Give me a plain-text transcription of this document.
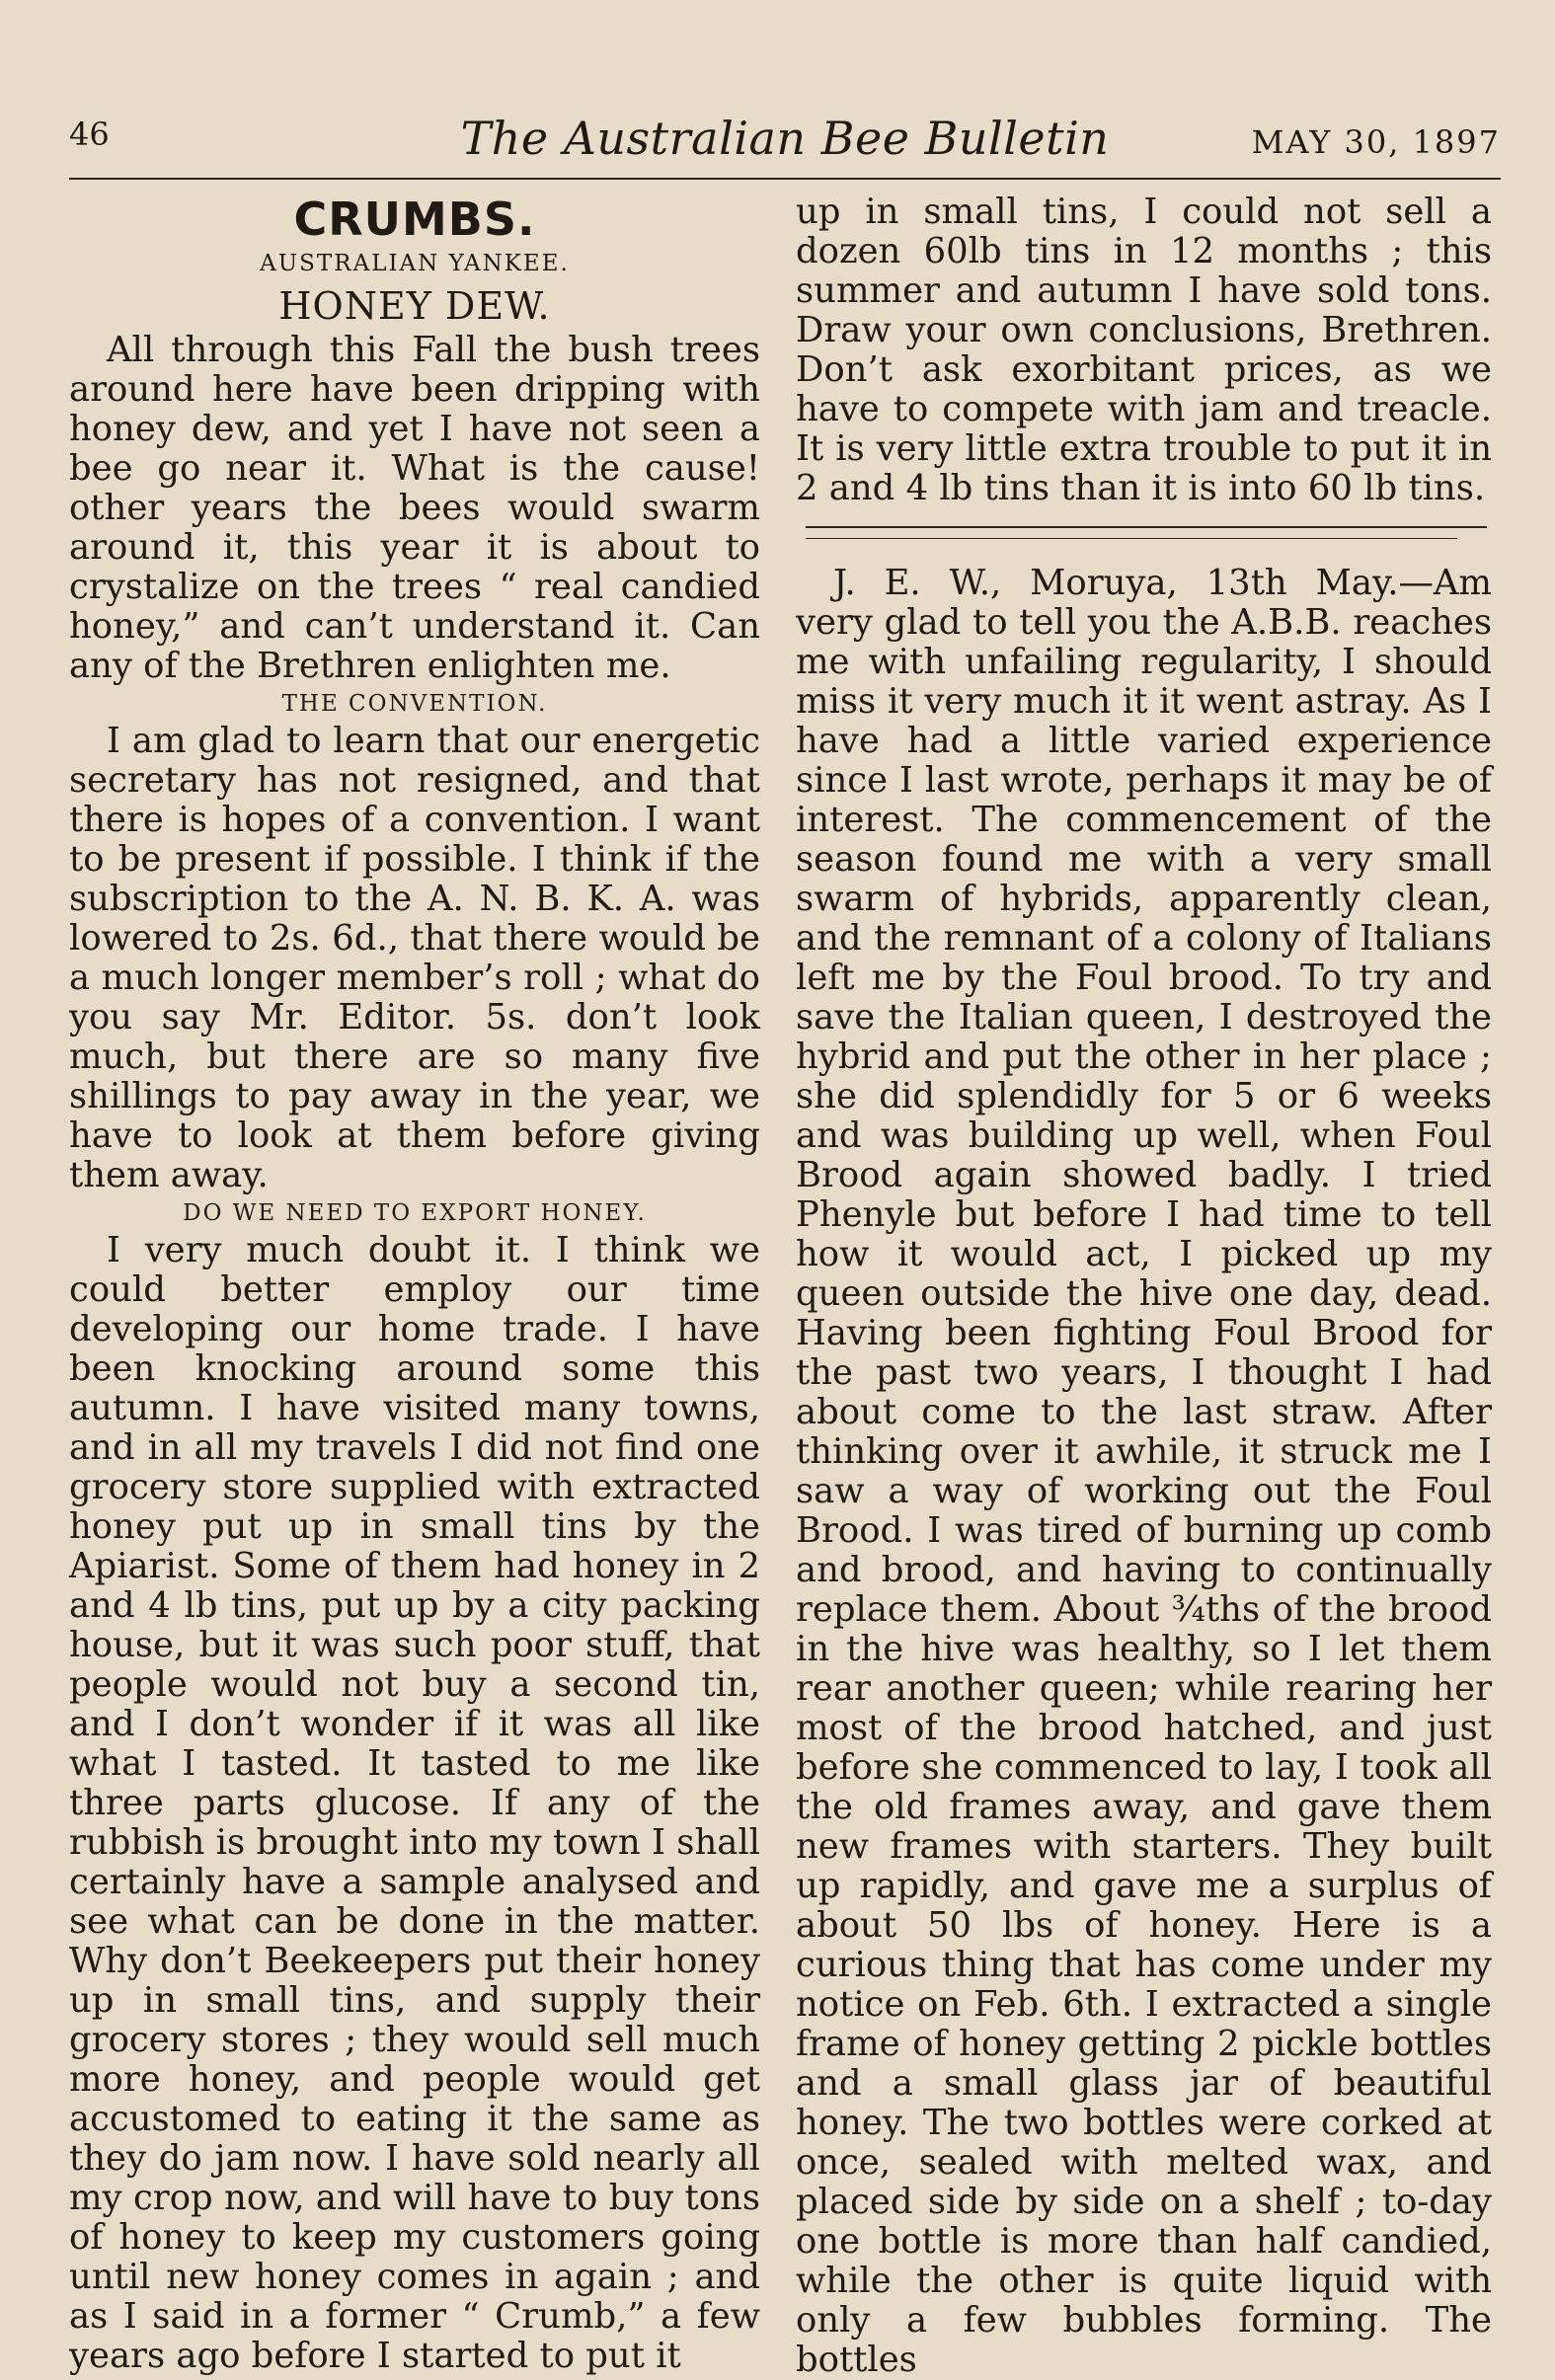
46	The Australian Bee Bulletin	MAY 30, 1897

CRUMBS.

AUSTRALIAN YANKEE.

HONEY DEW.

All through this Fall the bush trees around here have been dripping with honey dew, and yet I have not seen a bee go near it. What is the cause! other years the bees would swarm around it, this year it is about to crystalize on the trees “ real candied honey,” and can’t understand it. Can any of the Brethren enlighten me.

THE CONVENTION.

I am glad to learn that our energetic secretary has not resigned, and that there is hopes of a convention. I want to be present if possible. I think if the subscription to the A. N. B. K. A. was lowered to 2s. 6d., that there would be a much longer member’s roll ; what do you say Mr. Editor. 5s. don’t look much, but there are so many five shillings to pay away in the year, we have to look at them before giving them away.

DO WE NEED TO EXPORT HONEY.

I very much doubt it. I think we could better employ our time developing our home trade. I have been knocking around some this autumn. I have visited many towns, and in all my travels I did not find one grocery store supplied with extracted honey put up in small tins by the Apiarist. Some of them had honey in 2 and 4 lb tins, put up by a city packing house, but it was such poor stuff, that people would not buy a second tin, and I don’t wonder if it was all like what I tasted. It tasted to me like three parts glucose. If any of the rubbish is brought into my town I shall certainly have a sample analysed and see what can be done in the matter. Why don’t Beekeepers put their honey up in small tins, and supply their grocery stores ; they would sell much more honey, and people would get accustomed to eating it the same as they do jam now. I have sold nearly all my crop now, and will have to buy tons of honey to keep my customers going until new honey comes in again ; and as I said in a former “ Crumb,” a few years ago before I started to put it

up in small tins, I could not sell a dozen 60lb tins in 12 months ; this summer and autumn I have sold tons. Draw your own conclusions, Brethren. Don’t ask exorbitant prices, as we have to compete with jam and treacle. It is very little extra trouble to put it in 2 and 4 lb tins than it is into 60 lb tins.

J. E. W., Moruya, 13th May.—Am very glad to tell you the A.B.B. reaches me with unfailing regularity, I should miss it very much it it went astray. As I have had a little varied experience since I last wrote, perhaps it may be of interest. The commencement of the season found me with a very small swarm of hybrids, apparently clean, and the remnant of a colony of Italians left me by the Foul brood. To try and save the Italian queen, I destroyed the hybrid and put the other in her place ; she did splendidly for 5 or 6 weeks and was building up well, when Foul Brood again showed badly. I tried Phenyle but before I had time to tell how it would act, I picked up my queen outside the hive one day, dead. Having been fighting Foul Brood for the past two years, I thought I had about come to the last straw. After thinking over it awhile, it struck me I saw a way of working out the Foul Brood. I was tired of burning up comb and brood, and having to continually replace them. About ¾ths of the brood in the hive was healthy, so I let them rear another queen; while rearing her most of the brood hatched, and just before she commenced to lay, I took all the old frames away, and gave them new frames with starters. They built up rapidly, and gave me a surplus of about 50 lbs of honey. Here is a curious thing that has come under my notice on Feb. 6th. I extracted a single frame of honey getting 2 pickle bottles and a small glass jar of beautiful honey. The two bottles were corked at once, sealed with melted wax, and placed side by side on a shelf ; to-day one bottle is more than half candied, while the other is quite liquid with only a few bubbles forming. The bottles
